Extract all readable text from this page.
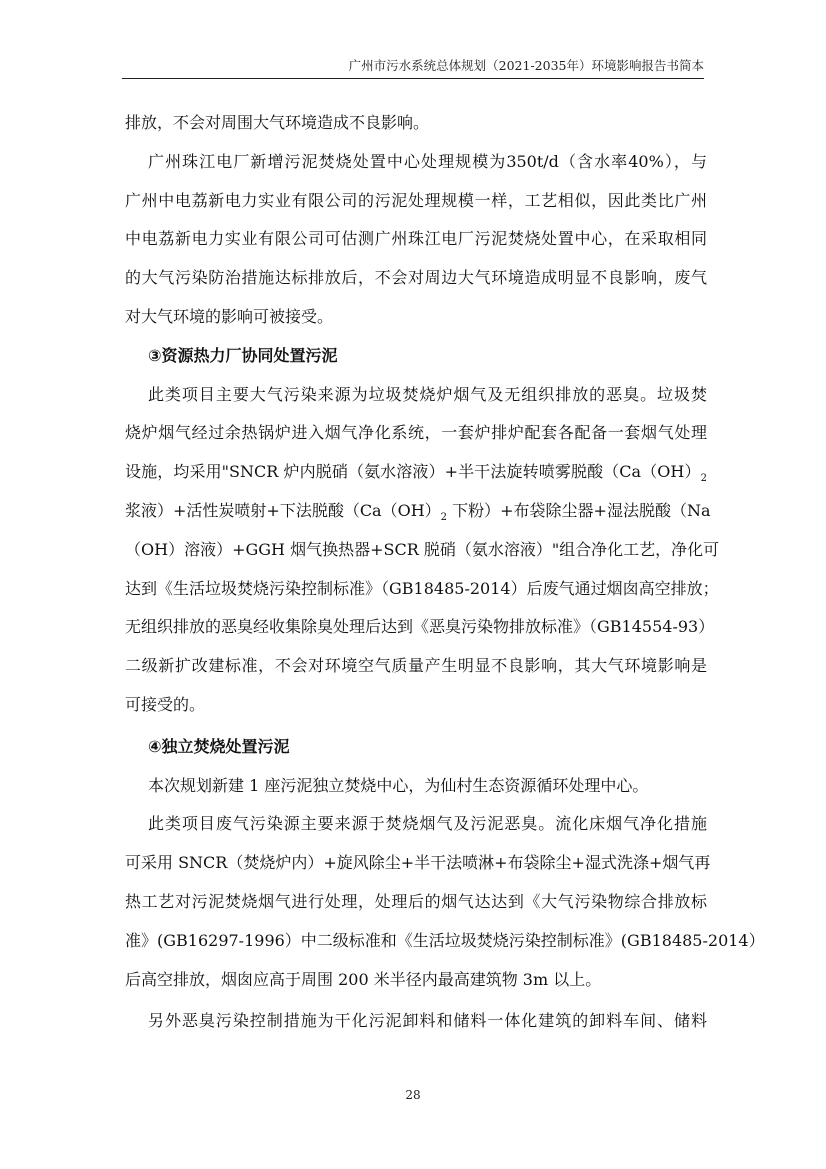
广州市污水系统总体规划（2021-2035年）环境影响报告书简本
排放，不会对周围大气环境造成不良影响。
广州珠江电厂新增污泥焚烧处置中心处理规模为350t/d（含水率40%），与
广州中电荔新电力实业有限公司的污泥处理规模一样，工艺相似，因此类比广州
中电荔新电力实业有限公司可估测广州珠江电厂污泥焚烧处置中心，在采取相同
的大气污染防治措施达标排放后，不会对周边大气环境造成明显不良影响，废气
对大气环境的影响可被接受。
③资源热力厂协同处置污泥
此类项目主要大气污染来源为垃圾焚烧炉烟气及无组织排放的恶臭。垃圾焚
烧炉烟气经过余热锅炉进入烟气净化系统，一套炉排炉配套各配备一套烟气处理
设施，均采用"SNCR 炉内脱硝（氨水溶液）+半干法旋转喷雾脱酸（$Ca(OH)_2$
浆液）+活性炭喷射+下法脱酸（$Ca(OH)_2$ 下粉）+布袋除尘器+湿法脱酸（Na
（OH）溶液）+GGH 烟气换热器+SCR 脱硝（氨水溶液）"组合净化工艺，净化可
达到《生活垃圾焚烧污染控制标准》（GB18485-2014）后废气通过烟囱高空排放；
无组织排放的恶臭经收集除臭处理后达到《恶臭污染物排放标准》（GB14554-93）
二级新扩改建标准，不会对环境空气质量产生明显不良影响，其大气环境影响是
可接受的。
④独立焚烧处置污泥
本次规划新建 1 座污泥独立焚烧中心，为仙村生态资源循环处理中心。
此类项目废气污染源主要来源于焚烧烟气及污泥恶臭。流化床烟气净化措施
可采用 SNCR（焚烧炉内）+旋风除尘+半干法喷淋+布袋除尘+湿式洗涤+烟气再
热工艺对污泥焚烧烟气进行处理，处理后的烟气达达到《大气污染物综合排放标
准》(GB16297-1996）中二级标准和《生活垃圾焚烧污染控制标准》(GB18485-2014）
后高空排放，烟囱应高于周围 200 米半径内最高建筑物 3m 以上。
另外恶臭污染控制措施为干化污泥卸料和储料一体化建筑的卸料车间、储料
28
